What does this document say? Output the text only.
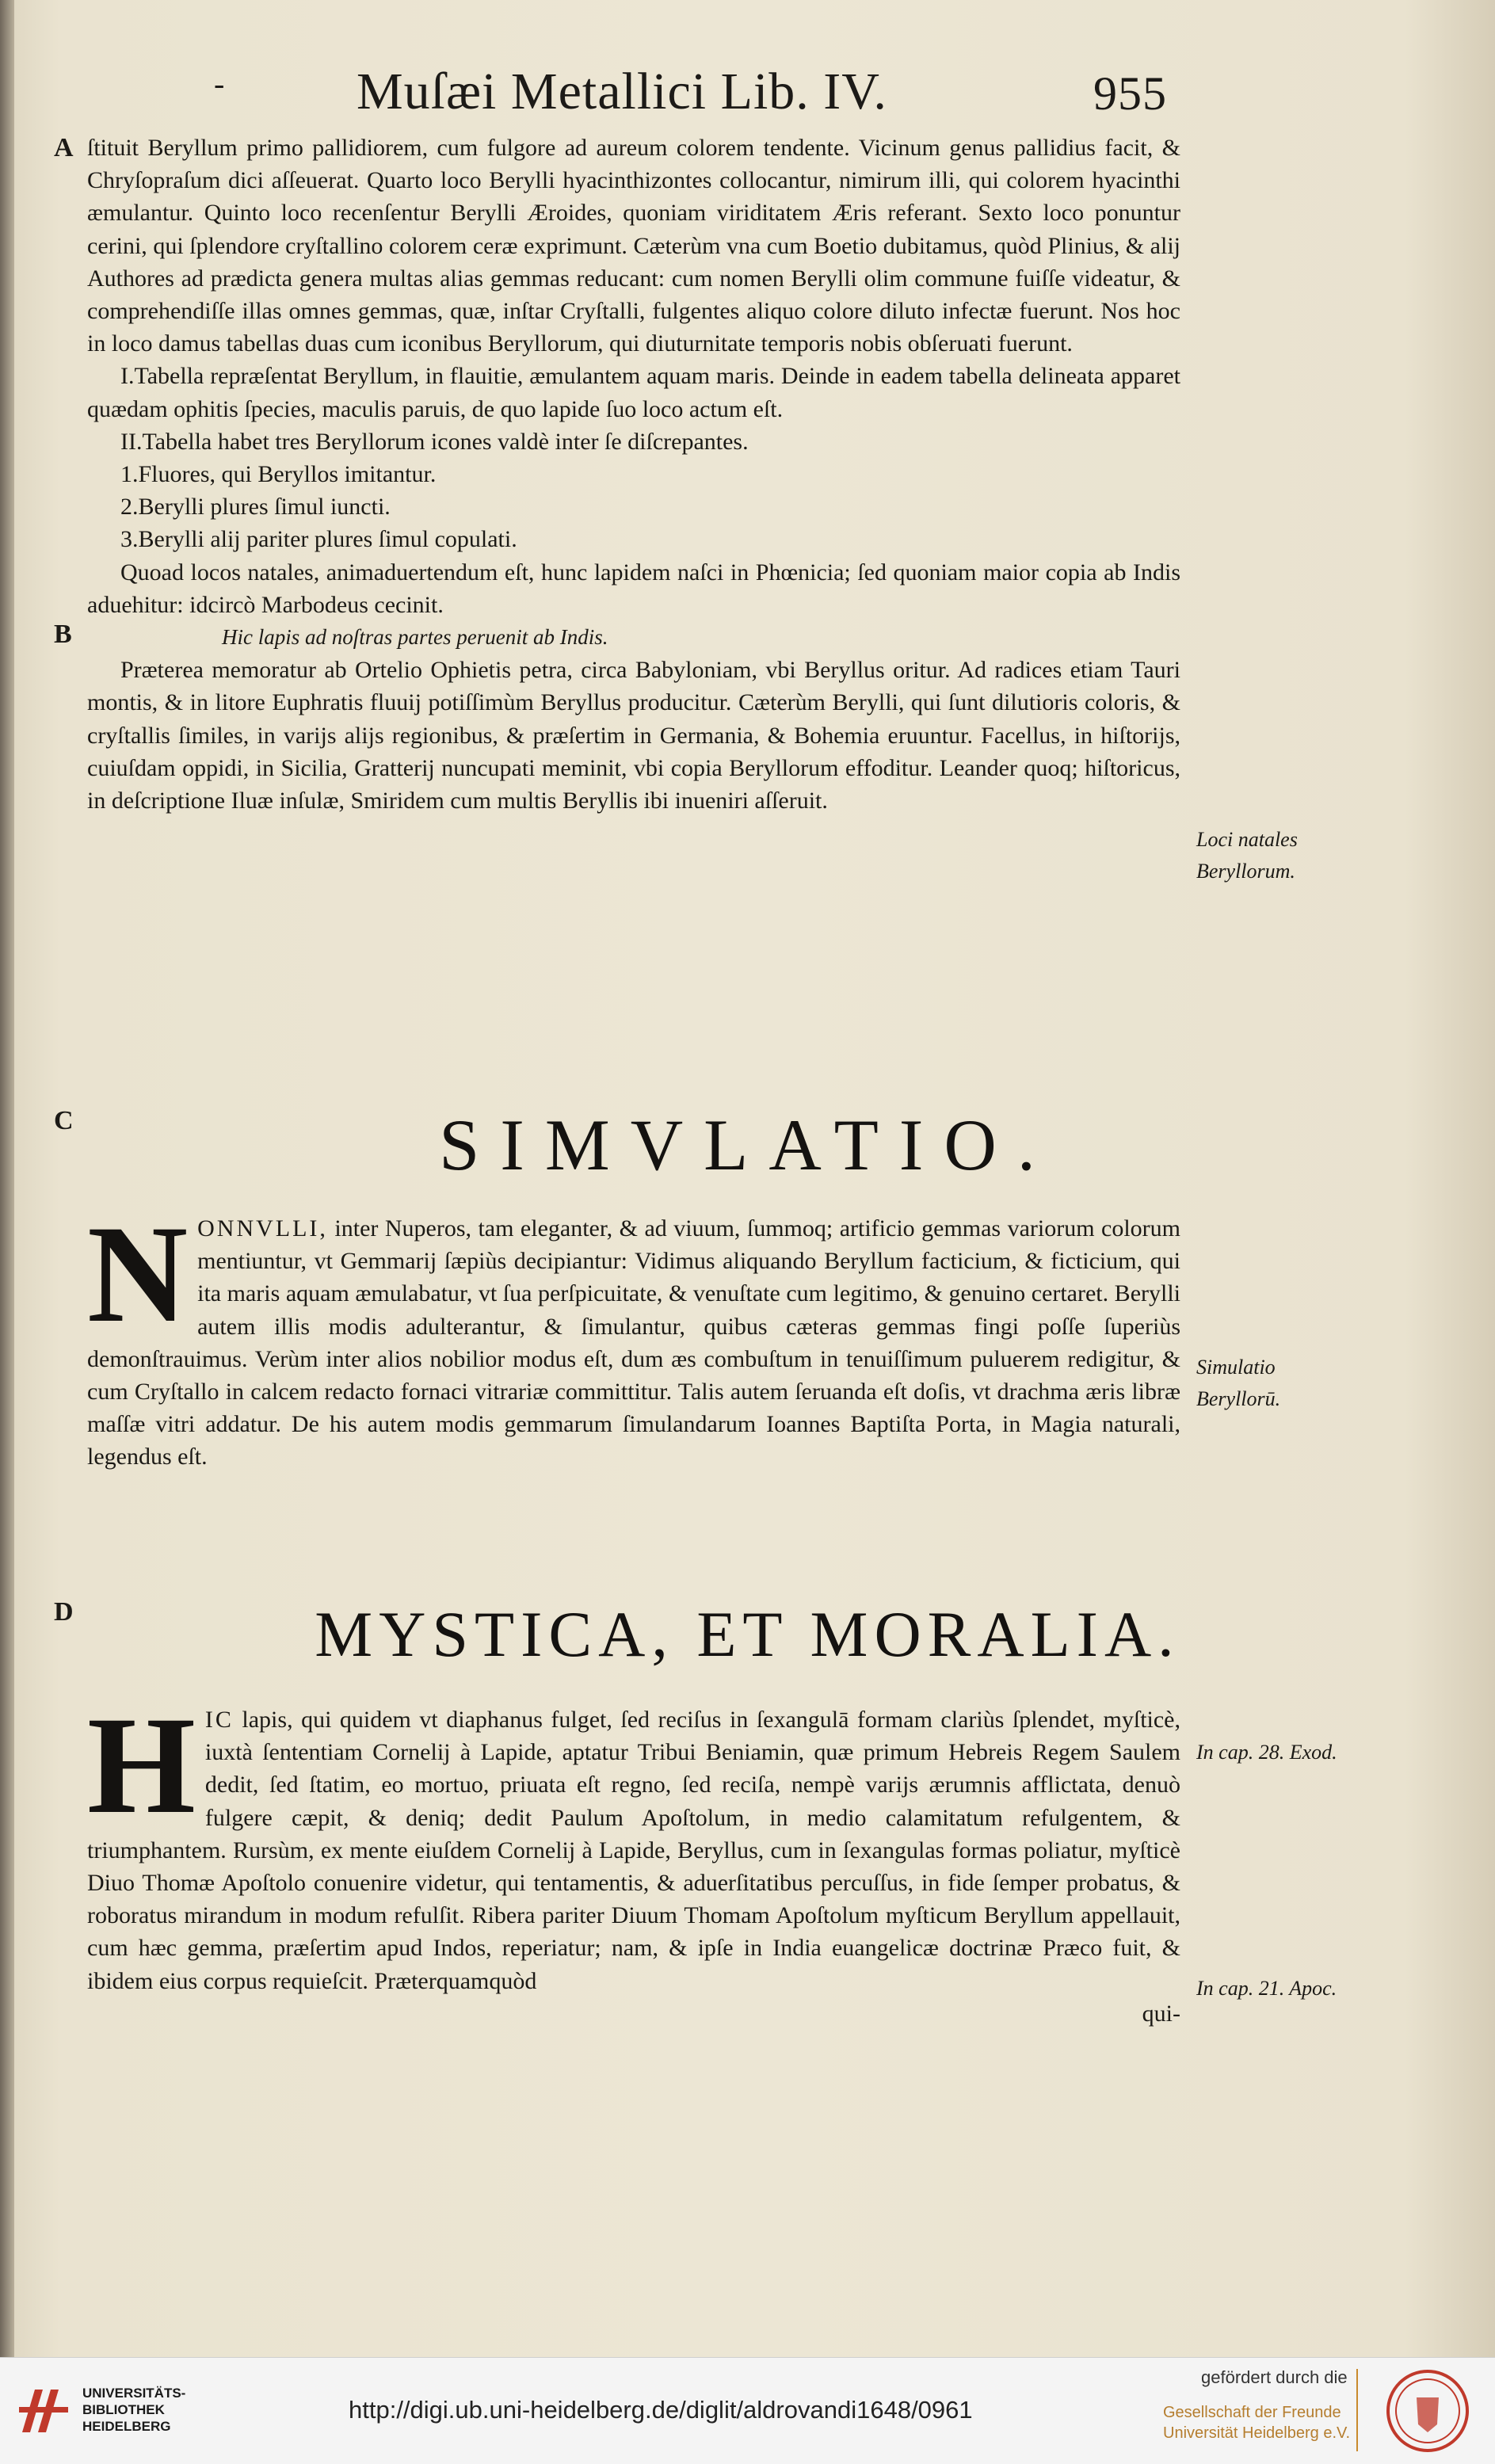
-	Muſæi Metallici Lib. IV.	955
A
B
C
D

ſtituit Beryllum primo pallidiorem, cum fulgore ad aureum colorem tendente. Vicinum genus pallidius facit, & Chryſopraſum dici aſſeuerat. Quarto loco Berylli hyacinthizontes collocantur, nimirum illi, qui colorem hyacinthi æmulantur. Quinto loco recenſentur Berylli Æroides, quoniam viriditatem Æris referant. Sexto loco ponuntur cerini, qui ſplendore cryſtallino colorem ceræ exprimunt. Cæterùm vna cum Boetio dubitamus, quòd Plinius, & alij Authores ad prædicta genera multas alias gemmas reducant: cum nomen Berylli olim commune fuiſſe videatur, & comprehendiſſe illas omnes gemmas, quæ, inſtar Cryſtalli, fulgentes aliquo colore diluto infectæ fuerunt. Nos hoc in loco damus tabellas duas cum iconibus Beryllorum, qui diuturnitate temporis nobis obſeruati fuerunt.

I.Tabella repræſentat Beryllum, in flauitie, æmulantem aquam maris. Deinde in eadem tabella delineata apparet quædam ophitis ſpecies, maculis paruis, de quo lapide ſuo loco actum eſt.

II.Tabella habet tres Beryllorum icones valdè inter ſe diſcrepantes.

1.Fluores, qui Beryllos imitantur.

2.Berylli plures ſimul iuncti.

3.Berylli alij pariter plures ſimul copulati.

Quoad locos natales, animaduertendum eſt, hunc lapidem naſci in Phœnicia; ſed quoniam maior copia ab Indis aduehitur: idcircò Marbodeus cecinit.

Hic lapis ad noſtras partes peruenit ab Indis.

Præterea memoratur ab Ortelio Ophietis petra, circa Babyloniam, vbi Beryllus oritur. Ad radices etiam Tauri montis, & in litore Euphratis fluuij potiſſimùm Beryllus producitur. Cæterùm Berylli, qui ſunt dilutioris coloris, & cryſtallis ſimiles, in varijs alijs regionibus, & præſertim in Germania, & Bohemia eruuntur. Facellus, in hiſtorijs, cuiuſdam oppidi, in Sicilia, Gratterij nuncupati meminit, vbi copia Beryllorum effoditur. Leander quoq; hiſtoricus, in deſcriptione Iluæ inſulæ, Smiridem cum multis Beryllis ibi inueniri aſſeruit.

Loci natales Beryllorum.
SIMVLATIO.

N ONNVLLI, inter Nuperos, tam eleganter, & ad viuum, ſummoq; artificio gemmas variorum colorum mentiuntur, vt Gemmarij ſæpiùs decipiantur: Vidimus aliquando Beryllum facticium, & ficticium, qui ita maris aquam æmulabatur, vt ſua perſpicuitate, & venuſtate cum legitimo, & genuino certaret. Berylli autem illis modis adulterantur, & ſimulantur, quibus cæteras gemmas fingi poſſe ſuperiùs demonſtrauimus. Verùm inter alios nobilior modus eſt, dum æs combuſtum in tenuiſſimum puluerem redigitur, & cum Cryſtallo in calcem redacto fornaci vitrariæ committitur. Talis autem ſeruanda eſt doſis, vt drachma æris libræ maſſæ vitri addatur. De his autem modis gemmarum ſimulandarum Ioannes Baptiſta Porta, in Magia naturali, legendus eſt.

Simulatio Beryllorū.
MYSTICA, ET MORALIA.

H IC lapis, qui quidem vt diaphanus fulget, ſed reciſus in ſexangulā formam clariùs ſplendet, myſticè, iuxtà ſententiam Cornelij à Lapide, aptatur Tribui Beniamin, quæ primum Hebreis Regem Saulem dedit, ſed ſtatim, eo mortuo, priuata eſt regno, ſed reciſa, nempè varijs ærumnis afflictata, denuò fulgere cæpit, & deniq; dedit Paulum Apoſtolum, in medio calamitatum refulgentem, & triumphantem. Rursùm, ex mente eiuſdem Cornelij à Lapide, Beryllus, cum in ſexangulas formas poliatur, myſticè Diuo Thomæ Apoſtolo conuenire videtur, qui tentamentis, & aduerſitatibus percuſſus, in fide ſemper probatus, & roboratus mirandum in modum refulſit. Ribera pariter Diuum Thomam Apoſtolum myſticum Beryllum appellauit, cum hæc gemma, præſertim apud Indos, reperiatur; nam, & ipſe in India euangelicæ doctrinæ Præco fuit, & ibidem eius corpus requieſcit. Præterquamquòd

qui-

In cap. 28. Exod.
In cap. 21. Apoc.
UNIVERSITÄTS-
BIBLIOTHEK
HEIDELBERG
http://digi.ub.uni-heidelberg.de/diglit/aldrovandi1648/0961
gefördert durch die
Gesellschaft der Freunde
Universität Heidelberg e.V.
